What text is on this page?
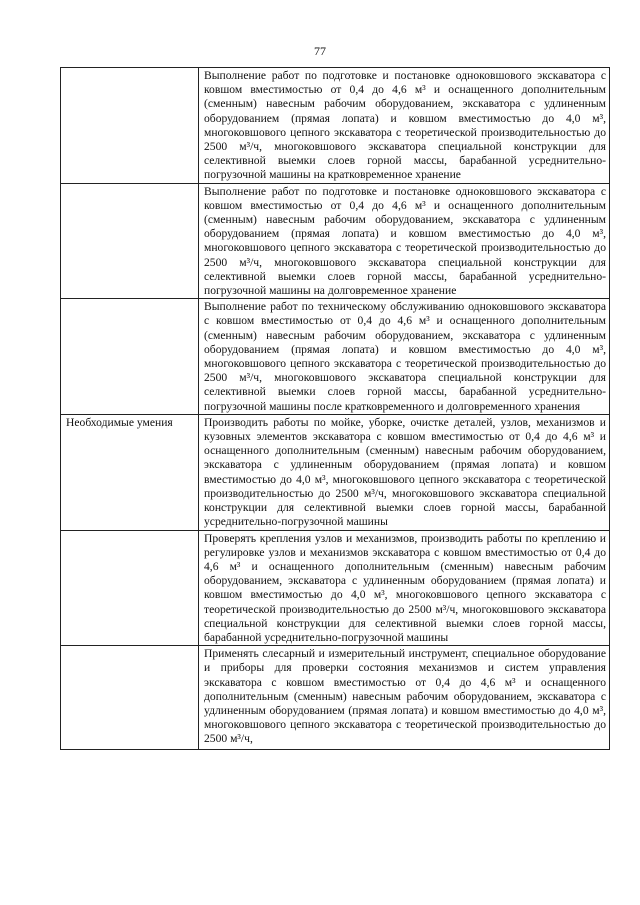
77
	Выполнение работ по подготовке и постановке одноковшового экскаватора с ковшом вместимостью от 0,4 до 4,6 м³ и оснащенного дополнительным (сменным) навесным рабочим оборудованием, экскаватора с удлиненным оборудованием (прямая лопата) и ковшом вместимостью до 4,0 м³, многоковшового цепного экскаватора с теоретической производительностью до 2500 м³/ч, многоковшового экскаватора специальной конструкции для селективной выемки слоев горной массы, барабанной усреднительно-погрузочной машины на кратковременное хранение
	Выполнение работ по подготовке и постановке одноковшового экскаватора с ковшом вместимостью от 0,4 до 4,6 м³ и оснащенного дополнительным (сменным) навесным рабочим оборудованием, экскаватора с удлиненным оборудованием (прямая лопата) и ковшом вместимостью до 4,0 м³, многоковшового цепного экскаватора с теоретической производительностью до 2500 м³/ч, многоковшового экскаватора специальной конструкции для селективной выемки слоев горной массы, барабанной усреднительно-погрузочной машины на долговременное хранение
	Выполнение работ по техническому обслуживанию одноковшового экскаватора с ковшом вместимостью от 0,4 до 4,6 м³ и оснащенного дополнительным (сменным) навесным рабочим оборудованием, экскаватора с удлиненным оборудованием (прямая лопата) и ковшом вместимостью до 4,0 м³, многоковшового цепного экскаватора с теоретической производительностью до 2500 м³/ч, многоковшового экскаватора специальной конструкции для селективной выемки слоев горной массы, барабанной усреднительно-погрузочной машины после кратковременного и долговременного хранения
Необходимые умения	Производить работы по мойке, уборке, очистке деталей, узлов, механизмов и кузовных элементов экскаватора с ковшом вместимостью от 0,4 до 4,6 м³ и оснащенного дополнительным (сменным) навесным рабочим оборудованием, экскаватора с удлиненным оборудованием (прямая лопата) и ковшом вместимостью до 4,0 м³, многоковшового цепного экскаватора с теоретической производительностью до 2500 м³/ч, многоковшового экскаватора специальной конструкции для селективной выемки слоев горной массы, барабанной усреднительно-погрузочной машины
	Проверять крепления узлов и механизмов, производить работы по креплению и регулировке узлов и механизмов экскаватора с ковшом вместимостью от 0,4 до 4,6 м³ и оснащенного дополнительным (сменным) навесным рабочим оборудованием, экскаватора с удлиненным оборудованием (прямая лопата) и ковшом вместимостью до 4,0 м³, многоковшового цепного экскаватора с теоретической производительностью до 2500 м³/ч, многоковшового экскаватора специальной конструкции для селективной выемки слоев горной массы, барабанной усреднительно-погрузочной машины

	Применять слесарный и измерительный инструмент, специальное оборудование и приборы для проверки состояния механизмов и систем управления экскаватора с ковшом вместимостью от 0,4 до 4,6 м³ и оснащенного дополнительным (сменным) навесным рабочим оборудованием, экскаватора с удлиненным оборудованием (прямая лопата) и ковшом вместимостью до 4,0 м³, многоковшового цепного экскаватора с теоретической производительностью до 2500 м³/ч,
